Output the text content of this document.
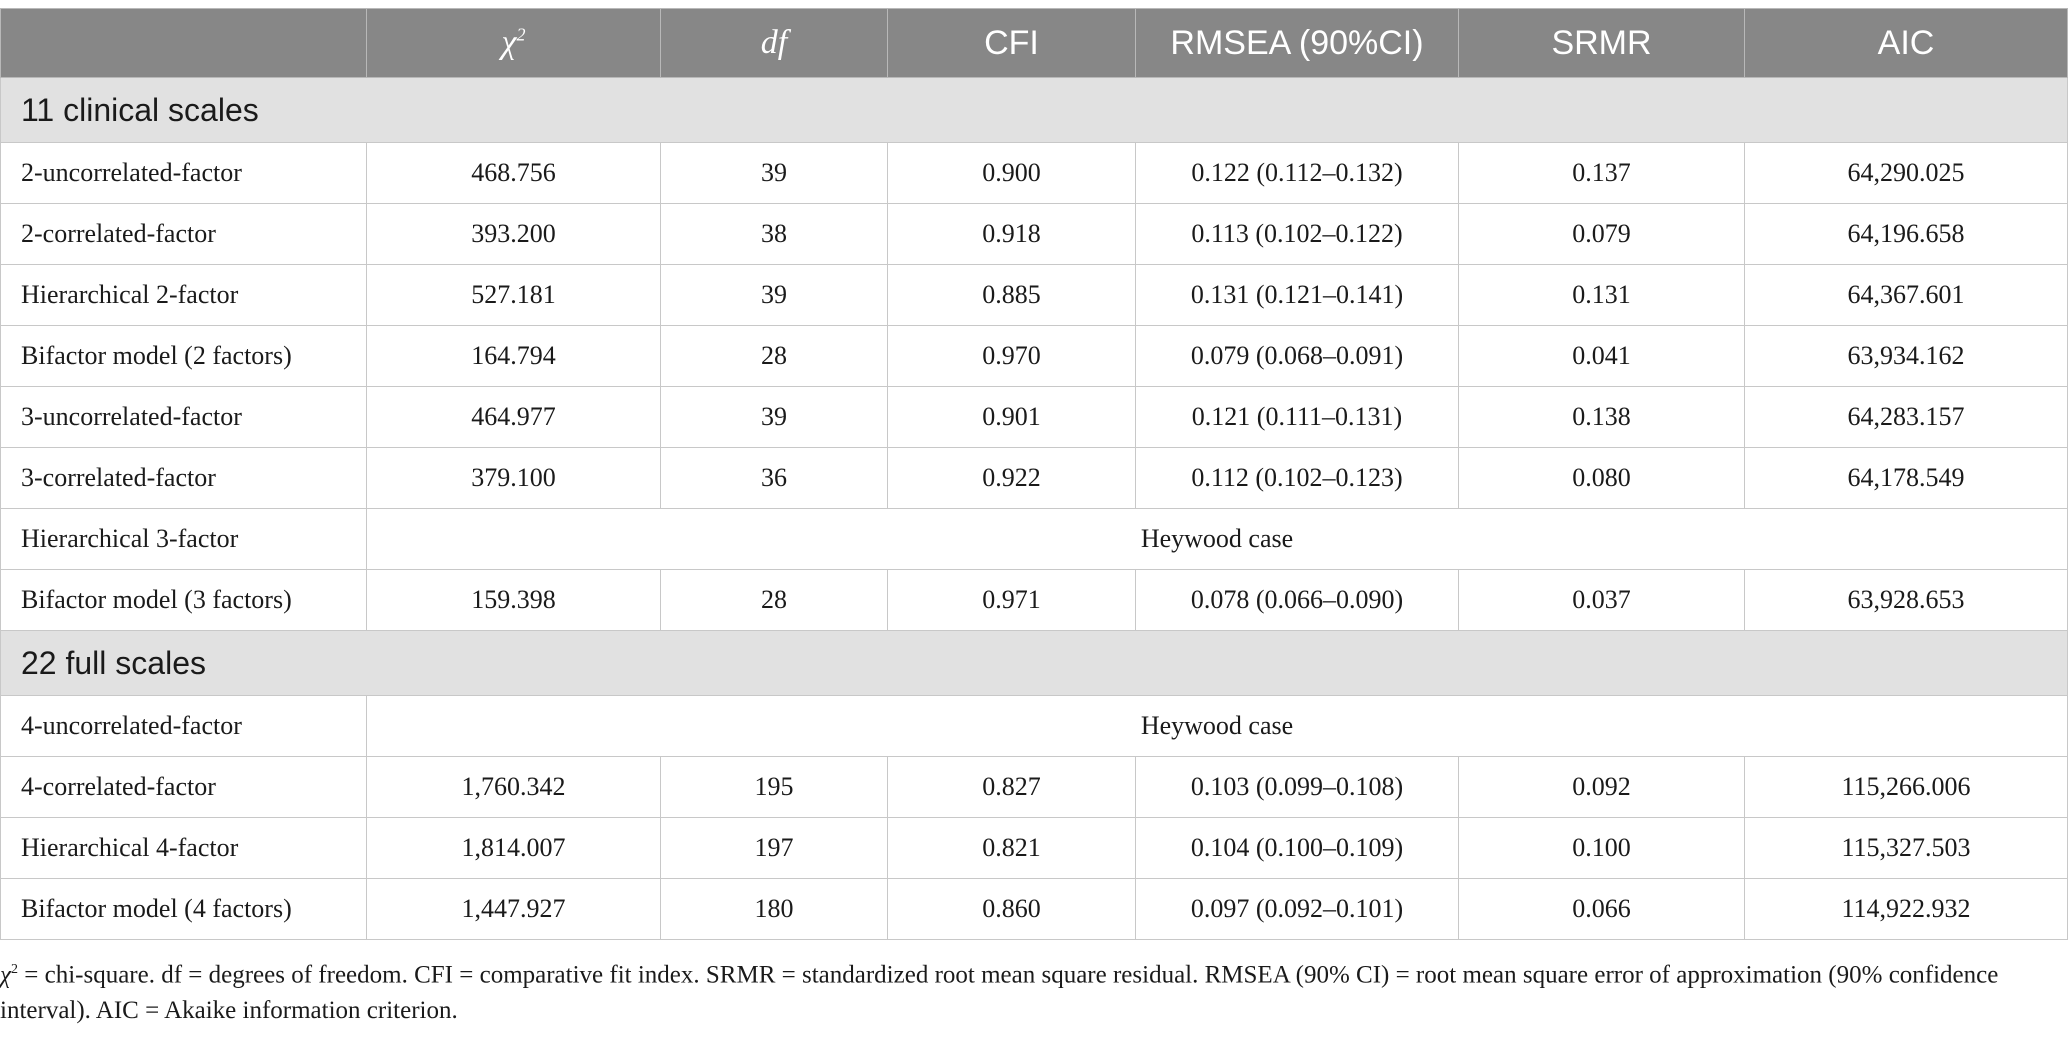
	$\chi^2$	df	CFI	RMSEA (90%CI)	SRMR	AIC
11 clinical scales						
2-uncorrelated-factor	468.756	39	0.900	0.122 (0.112–0.132)	0.137	64,290.025
2-correlated-factor	393.200	38	0.918	0.113 (0.102–0.122)	0.079	64,196.658
Hierarchical 2-factor	527.181	39	0.885	0.131 (0.121–0.141)	0.131	64,367.601
Bifactor model (2 factors)	164.794	28	0.970	0.079 (0.068–0.091)	0.041	63,934.162
3-uncorrelated-factor	464.977	39	0.901	0.121 (0.111–0.131)	0.138	64,283.157
3-correlated-factor	379.100	36	0.922	0.112 (0.102–0.123)	0.080	64,178.549
Hierarchical 3-factor	Heywood case					
Bifactor model (3 factors)	159.398	28	0.971	0.078 (0.066–0.090)	0.037	63,928.653
22 full scales						
4-uncorrelated-factor	Heywood case					
4-correlated-factor	1,760.342	195	0.827	0.103 (0.099–0.108)	0.092	115,266.006
Hierarchical 4-factor	1,814.007	197	0.821	0.104 (0.100–0.109)	0.100	115,327.503
Bifactor model (4 factors)	1,447.927	180	0.860	0.097 (0.092–0.101)	0.066	114,922.932
$\chi^2$ = chi-square. df = degrees of freedom. CFI = comparative fit index. SRMR = standardized root mean square residual. RMSEA (90% CI) = root mean square error of approximation (90% confidence interval). AIC = Akaike information criterion.
